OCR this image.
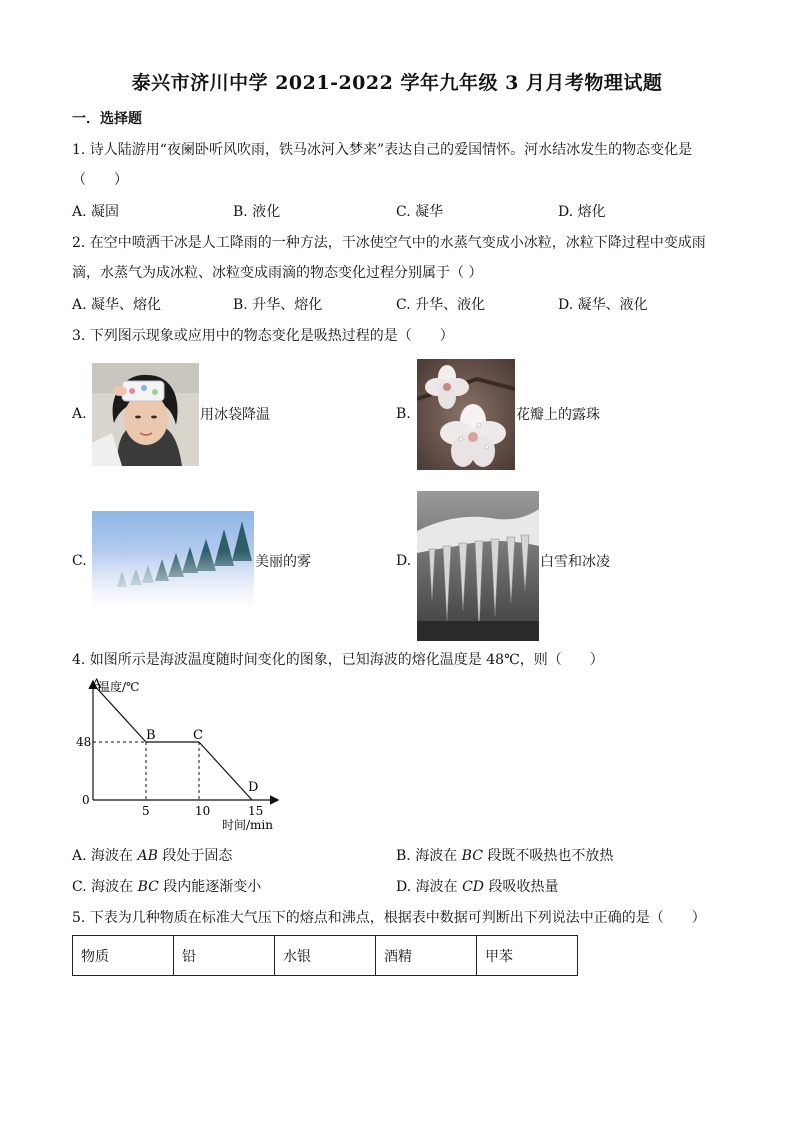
泰兴市济川中学 2021-2022 学年九年级 3 月月考物理试题
一．选择题
1. 诗人陆游用“夜阑卧听风吹雨，铁马冰河入梦来”表达自己的爱国情怀。河水结冰发生的物态变化是
（　　）
A. 凝固	B. 液化	C. 凝华	D. 熔化
2. 在空中喷洒干冰是人工降雨的一种方法，干冰使空气中的水蒸气变成小冰粒，冰粒下降过程中变成雨
滴，水蒸气为成冰粒、冰粒变成雨滴的物态变化过程分别属于（ ）
A. 凝华、熔化	B. 升华、熔化	C. 升华、液化	D. 凝华、液化
3. 下列图示现象或应用中的物态变化是吸热过程的是（　　）
A.	用冰袋降温	B.	花瓣上的露珠
C.	美丽的雾	D.	白雪和冰凌
4. 如图所示是海波温度随时间变化的图象，已知海波的熔化温度是 48℃，则（　　）
温度/℃
时间/min
0
A
B	C
D
5	10	15
48
A. 海波在 AB 段处于固态	B. 海波在 BC 段既不吸热也不放热
C. 海波在 BC 段内能逐渐变小	D. 海波在 CD 段吸收热量
5. 下表为几种物质在标准大气压下的熔点和沸点，根据表中数据可判断出下列说法中正确的是（　　）
物质	铅	水银	酒精	甲苯
